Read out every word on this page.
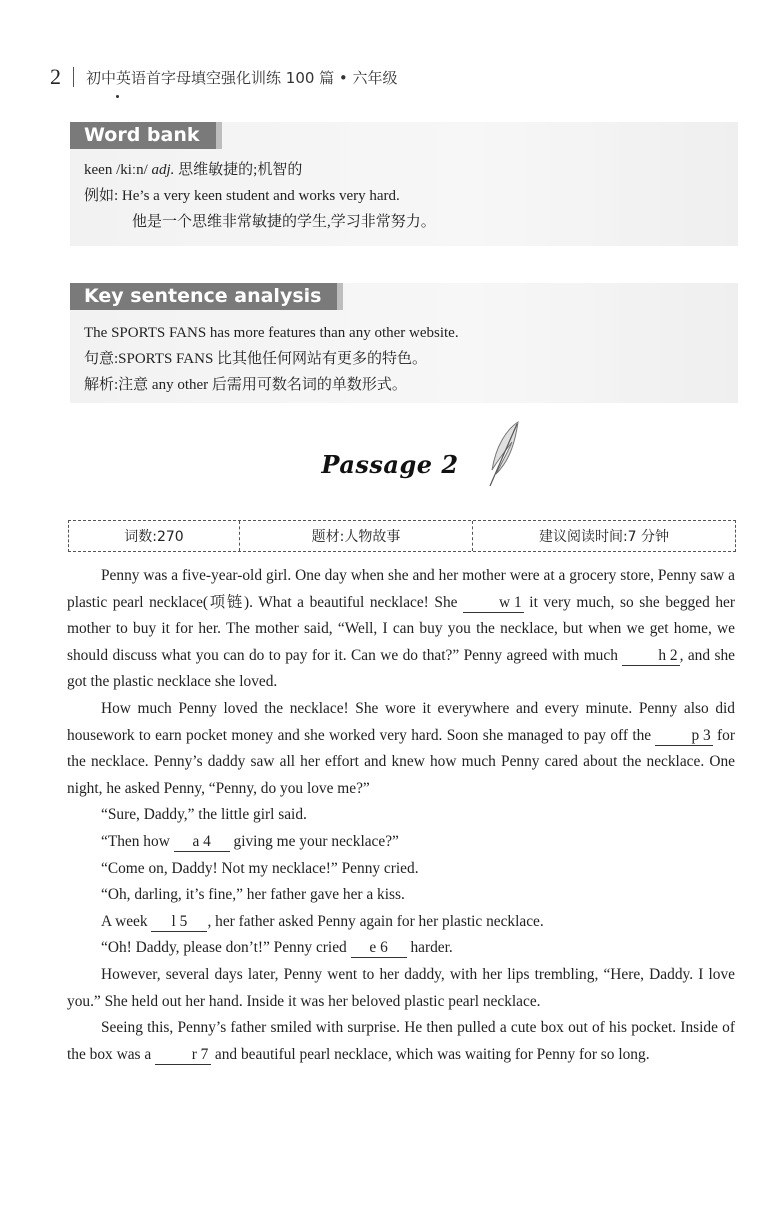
2 初中英语首字母填空强化训练 100 篇 • 六年级
Word bank
keen /kiːn/ adj. 思维敏捷的;机智的
例如: He’s a very keen student and works very hard.
他是一个思维非常敏捷的学生,学习非常努力。
Key sentence analysis
The SPORTS FANS has more features than any other website.
句意:SPORTS FANS 比其他任何网站有更多的特色。
解析:注意 any other 后需用可数名词的单数形式。
Passage 2
词数:270	题材:人物故事	建议阅读时间:7 分钟

Penny was a five-year-old girl. One day when she and her mother were at a grocery store, Penny saw a plastic pearl necklace(项链). What a beautiful necklace! She w 1 it very much, so she begged her mother to buy it for her. The mother said, “Well, I can buy you the necklace, but when we get home, we should discuss what you can do to pay for it. Can we do that?” Penny agreed with much h 2 , and she got the plastic necklace she loved.

How much Penny loved the necklace! She wore it everywhere and every minute. Penny also did housework to earn pocket money and she worked very hard. Soon she managed to pay off the p 3 for the necklace. Penny’s daddy saw all her effort and knew how much Penny cared about the necklace. One night, he asked Penny, “Penny, do you love me?”

“Sure, Daddy,” the little girl said.

“Then how a 4 giving me your necklace?”

“Come on, Daddy! Not my necklace!” Penny cried.

“Oh, darling, it’s fine,” her father gave her a kiss.

A week l 5 , her father asked Penny again for her plastic necklace.

“Oh! Daddy, please don’t!” Penny cried e 6 harder.

However, several days later, Penny went to her daddy, with her lips trembling, “Here, Daddy. I love you.” She held out her hand. Inside it was her beloved plastic pearl necklace.

Seeing this, Penny’s father smiled with surprise. He then pulled a cute box out of his pocket. Inside of the box was a r 7 and beautiful pearl necklace, which was waiting for Penny for so long.
